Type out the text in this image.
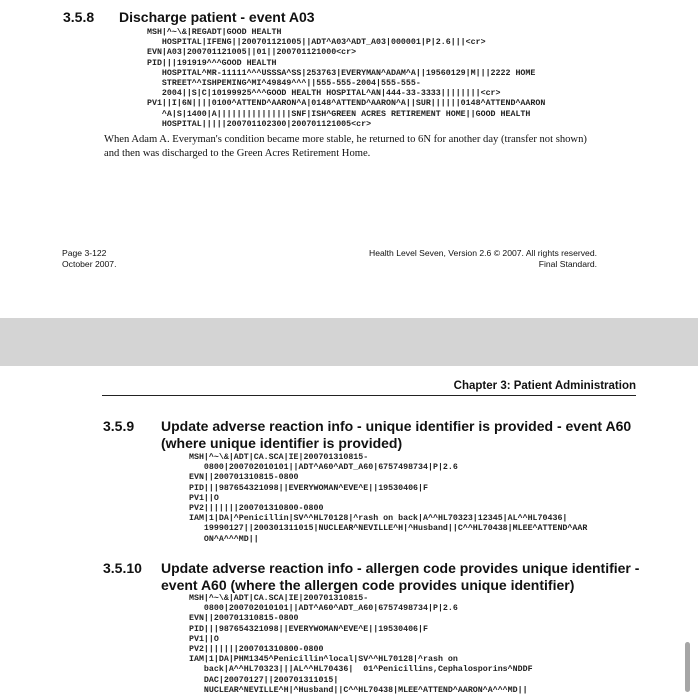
3.5.8 Discharge patient - event A03
MSH|^~\&|REGADT|GOOD HEALTH
HOSPITAL|IFENG||200701121005||ADT^A03^ADT_A03|000001|P|2.6|||<cr>
EVN|A03|200701121005||01||200701121000<cr>
PID|||191919^^^GOOD HEALTH
HOSPITAL^MR-11111^^^USSSA^SS|253763|EVERYMAN^ADAM^A||19560129|M|||2222 HOME
STREET^^ISHPEMING^MI^49849^^^||555-555-2004|555-555-
2004||S|C|10199925^^^GOOD HEALTH HOSPITAL^AN|444-33-3333||||||||<cr>
PV1||I|6N||||0100^ATTEND^AARON^A|0148^ATTEND^AARON^A||SUR||||||0148^ATTEND^AARON
^A|S|1400|A|||||||||||||||SNF|ISH^GREEN ACRES RETIREMENT HOME||GOOD HEALTH
HOSPITAL|||||200701102300|200701121005<cr>
When Adam A. Everyman's condition became more stable, he returned to 6N for another day (transfer not shown) and then was discharged to the Green Acres Retirement Home.
Page 3-122
October 2007.
Health Level Seven, Version 2.6 © 2007. All rights reserved.
Final Standard.
Chapter 3: Patient Administration
3.5.9 Update adverse reaction info - unique identifier is provided - event A60
(where unique identifier is provided)
MSH|^~\&|ADT|CA.SCA|IE|200701310815-
0800|200702010101||ADT^A60^ADT_A60|6757498734|P|2.6
EVN||200701310815-0800
PID|||987654321098||EVERYWOMAN^EVE^E||19530406|F
PV1||O
PV2|||||||200701310800-0800
IAM|1|DA|^Penicillin|SV^^HL70128|^rash on back|A^^HL70323|12345|AL^^HL70436|
19990127||200301311015|NUCLEAR^NEVILLE^H|^Husband||C^^HL70438|MLEE^ATTEND^AAR
ON^A^^^MD||
3.5.10 Update adverse reaction info - allergen code provides unique identifier -
event A60 (where the allergen code provides unique identifier)
MSH|^~\&|ADT|CA.SCA|IE|200701310815-
0800|200702010101||ADT^A60^ADT_A60|6757498734|P|2.6
EVN||200701310815-0800
PID|||987654321098||EVERYWOMAN^EVE^E||19530406|F
PV1||O
PV2|||||||200701310800-0800
IAM|1|DA|PHM1345^Penicillin^local|SV^^HL70128|^rash on
back|A^^HL70323|||AL^^HL70436|  01^Penicillins,Cephalosporins^NDDF
DAC|20070127||200701311015|
NUCLEAR^NEVILLE^H|^Husband||C^^HL70438|MLEE^ATTEND^AARON^A^^^MD||
